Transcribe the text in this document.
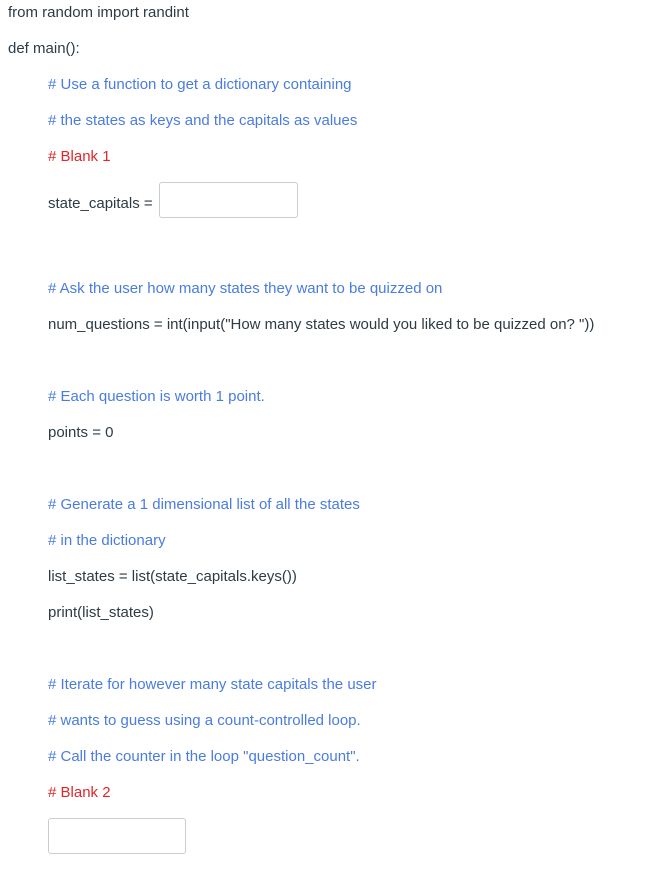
from random import randint
def main():
# Use a function to get a dictionary containing
# the states as keys and the capitals as values
# Blank 1
state_capitals =
# Ask the user how many states they want to be quizzed on
num_questions = int(input("How many states would you liked to be quizzed on? "))
# Each question is worth 1 point.
points = 0
# Generate a 1 dimensional list of all the states
# in the dictionary
list_states = list(state_capitals.keys())
print(list_states)
# Iterate for however many state capitals the user
# wants to guess using a count-controlled loop.
# Call the counter in the loop "question_count".
# Blank 2
